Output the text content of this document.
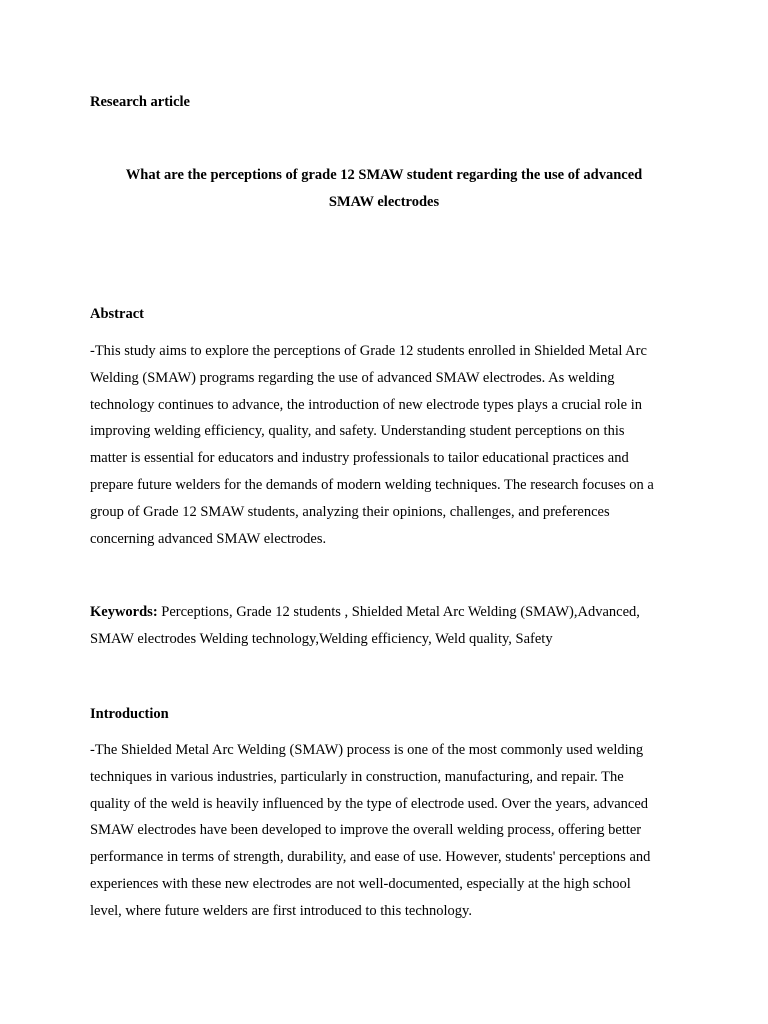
Research article

What are the perceptions of grade 12 SMAW student regarding the use of advanced
SMAW electrodes

Abstract

-This study aims to explore the perceptions of Grade 12 students enrolled in Shielded Metal Arc
Welding (SMAW) programs regarding the use of advanced SMAW electrodes. As welding
technology continues to advance, the introduction of new electrode types plays a crucial role in
improving welding efficiency, quality, and safety. Understanding student perceptions on this
matter is essential for educators and industry professionals to tailor educational practices and
prepare future welders for the demands of modern welding techniques. The research focuses on a
group of Grade 12 SMAW students, analyzing their opinions, challenges, and preferences
concerning advanced SMAW electrodes.
Keywords: Perceptions, Grade 12 students , Shielded Metal Arc Welding (SMAW),Advanced,
SMAW electrodes Welding technology,Welding efficiency, Weld quality, Safety

Introduction

-The Shielded Metal Arc Welding (SMAW) process is one of the most commonly used welding
techniques in various industries, particularly in construction, manufacturing, and repair. The
quality of the weld is heavily influenced by the type of electrode used. Over the years, advanced
SMAW electrodes have been developed to improve the overall welding process, offering better
performance in terms of strength, durability, and ease of use. However, students' perceptions and
experiences with these new electrodes are not well-documented, especially at the high school
level, where future welders are first introduced to this technology.
